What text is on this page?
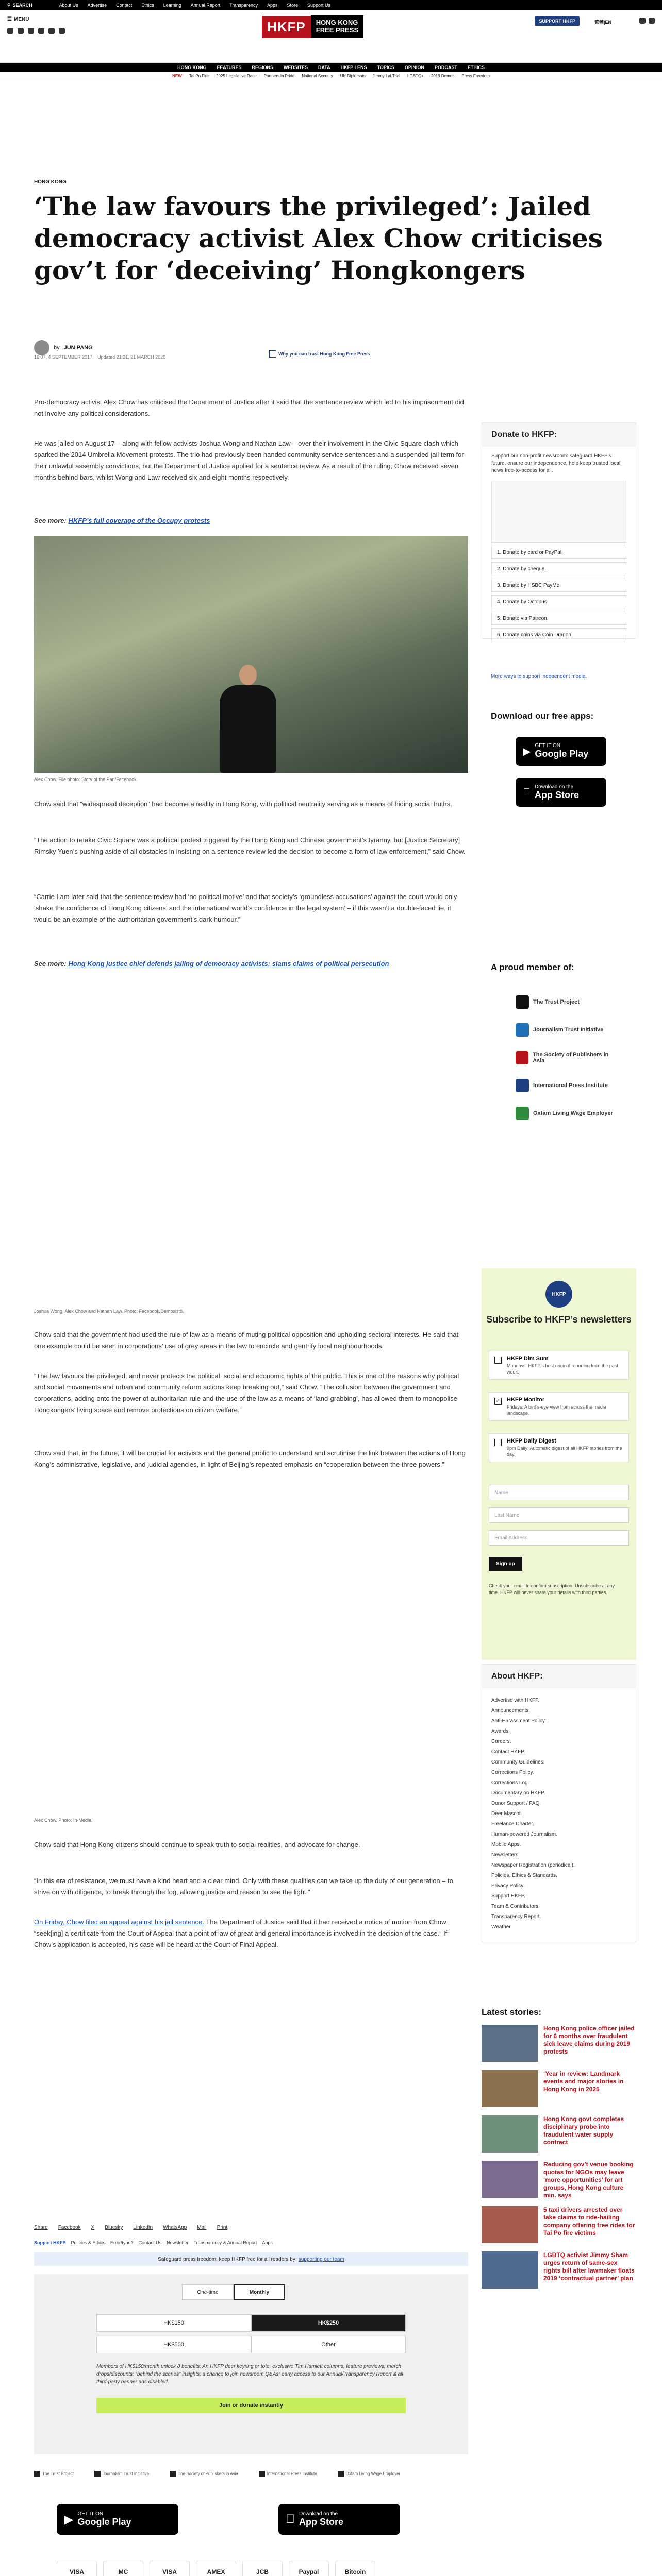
⚲ SEARCH	About Us Advertise Contact Ethics Learning Annual Report Transparency Apps Store Support Us
☰ MENU	HKFP	HONG KONG
FREE PRESS
SUPPORT HKFP	繁體|EN
HONG KONG FEATURES REGIONS WEBSITES DATA HKFP LENS TOPICS OPINION PODCAST ETHICS
NEW Tai Po Fire 2025 Legislative Race Partners in Pride National Security UK Diplomats Jimmy Lai Trial LGBTQ+ 2019 Demos Press Freedom
HONG KONG
‘The law favours the privileged’: Jailed democracy activist Alex Chow criticises gov’t for ‘deceiving’ Hongkongers
by JUN PANG
16:07, 4 SEPTEMBER 2017 Updated 21:21, 21 MARCH 2020
Why you can trust Hong Kong Free Press

Pro-democracy activist Alex Chow has criticised the Department of Justice after it said that the sentence review which led to his imprisonment did not involve any political considerations.

He was jailed on August 17 – along with fellow activists Joshua Wong and Nathan Law – over their involvement in the Civic Square clash which sparked the 2014 Umbrella Movement protests. The trio had previously been handed community service sentences and a suspended jail term for their unlawful assembly convictions, but the Department of Justice applied for a sentence review. As a result of the ruling, Chow received seven months behind bars, whilst Wong and Law received six and eight months respectively.

See more: HKFP’s full coverage of the Occupy protests

Alex Chow. File photo: Story of the Pan/Facebook.

Chow said that “widespread deception” had become a reality in Hong Kong, with political neutrality serving as a means of hiding social truths.

“The action to retake Civic Square was a political protest triggered by the Hong Kong and Chinese government’s tyranny, but [Justice Secretary] Rimsky Yuen’s pushing aside of all obstacles in insisting on a sentence review led the decision to become a form of law enforcement,” said Chow.

“Carrie Lam later said that the sentence review had ‘no political motive’ and that society’s ‘groundless accusations’ against the court would only ‘shake the confidence of Hong Kong citizens’ and the international world’s confidence in the legal system’ – if this wasn’t a double-faced lie, it would be an example of the authoritarian government’s dark humour.”

See more: Hong Kong justice chief defends jailing of democracy activists; slams claims of political persecution

Joshua Wong, Alex Chow and Nathan Law. Photo: Facebook/Demosistō.

Chow said that the government had used the rule of law as a means of muting political opposition and upholding sectoral interests. He said that one example could be seen in corporations’ use of grey areas in the law to encircle and gentrify local neighbourhoods.

“The law favours the privileged, and never protects the political, social and economic rights of the public. This is one of the reasons why political and social movements and urban and community reform actions keep breaking out,” said Chow. “The collusion between the government and corporations, adding onto the power of authoritarian rule and the use of the law as a means of ‘land-grabbing’, has allowed them to monopolise Hongkongers’ living space and remove protections on citizen welfare.”

Chow said that, in the future, it will be crucial for activists and the general public to understand and scrutinise the link between the actions of Hong Kong’s administrative, legislative, and judicial agencies, in light of Beijing’s repeated emphasis on “cooperation between the three powers.”

Alex Chow. Photo: In-Media.

Chow said that Hong Kong citizens should continue to speak truth to social realities, and advocate for change.

“In this era of resistance, we must have a kind heart and a clear mind. Only with these qualities can we take up the duty of our generation – to strive on with diligence, to break through the fog, allowing justice and reason to see the light.”

On Friday, Chow filed an appeal against his jail sentence. The Department of Justice said that it had received a notice of motion from Chow “seek[ing] a certificate from the Court of Appeal that a point of law of great and general importance is involved in the decision of the case.” If Chow’s application is accepted, his case will be heard at the Court of Final Appeal.

Share Facebook X Bluesky LinkedIn WhatsApp Mail Print
Support HKFP Policies & Ethics Error/typo? Contact Us Newsletter Transparency & Annual Report Apps
Safeguard press freedom; keep HKFP free for all readers by supporting our team
One-time	Monthly
HK$150	HK$250
HK$500	Other
Members of HK$150/month unlock 8 benefits: An HKFP deer keyring or tote, exclusive Tim Hamlett columns, feature previews; merch drops/discounts; “behind the scenes” insights; a chance to join newsroom Q&As; early access to our Annual/Transparency Report & all third-party banner ads disabled.
Join or donate instantly
The Trust Project	Journalism Trust Initiative	The Society of Publishers in Asia	International Press Institute	Oxfam Living Wage Employer
▶ GET IT ON
Google Play
Download on the
App Store
VISA	MC	VISA	AMEX	JCB	Paypal	Bitcoin

Donate to HKFP:
Support our non-profit newsroom: safeguard HKFP’s future, ensure our independence, help keep trusted local news free-to-access for all.
1. Donate by card or PayPal.
2. Donate by cheque.
3. Donate by HSBC PayMe.
4. Donate by Octopus.
5. Donate via Patreon.
6. Donate coins via Coin Dragon.
More ways to support independent media.
Download our free apps:
▶ GET IT ON
Google Play
Download on the
App Store
A proud member of:
The Trust Project
Journalism Trust Initiative
The Society of Publishers in Asia
International Press Institute
Oxfam Living Wage Employer
HKFP
Subscribe to HKFP’s newsletters
HKFP Dim Sum
Mondays: HKFP’s best original reporting from the past week.
✓ HKFP Monitor
Fridays: A bird’s-eye view from across the media landscape.
HKFP Daily Digest
9pm Daily: Automatic digest of all HKFP stories from the day.
Name
Last Name
Email Address
Sign up
Check your email to confirm subscription. Unsubscribe at any time. HKFP will never share your details with third parties.
About HKFP:
Advertise with HKFP.
Announcements.
Anti-Harassment Policy.
Awards.
Careers.
Contact HKFP.
Community Guidelines.
Corrections Policy.
Corrections Log.
Documentary on HKFP.
Donor Support / FAQ.
Deer Mascot.
Freelance Charter.
Human-powered Journalism.
Mobile Apps.
Newsletters.
Newspaper Registration (periodical).
Policies, Ethics & Standards.
Privacy Policy.
Support HKFP.
Team & Contributors.
Transparency Report.
Weather.
Latest stories:
Hong Kong police officer jailed for 6 months over fraudulent sick leave claims during 2019 protests
‘Year in review: Landmark events and major stories in Hong Kong in 2025
Hong Kong govt completes disciplinary probe into fraudulent water supply contract
Reducing gov’t venue booking quotas for NGOs may leave ‘more opportunities’ for art groups, Hong Kong culture min. says
5 taxi drivers arrested over fake claims to ride-hailing company offering free rides for Tai Po fire victims
LGBTQ activist Jimmy Sham urges return of same-sex rights bill after lawmaker floats 2019 ‘contractual partner’ plan
